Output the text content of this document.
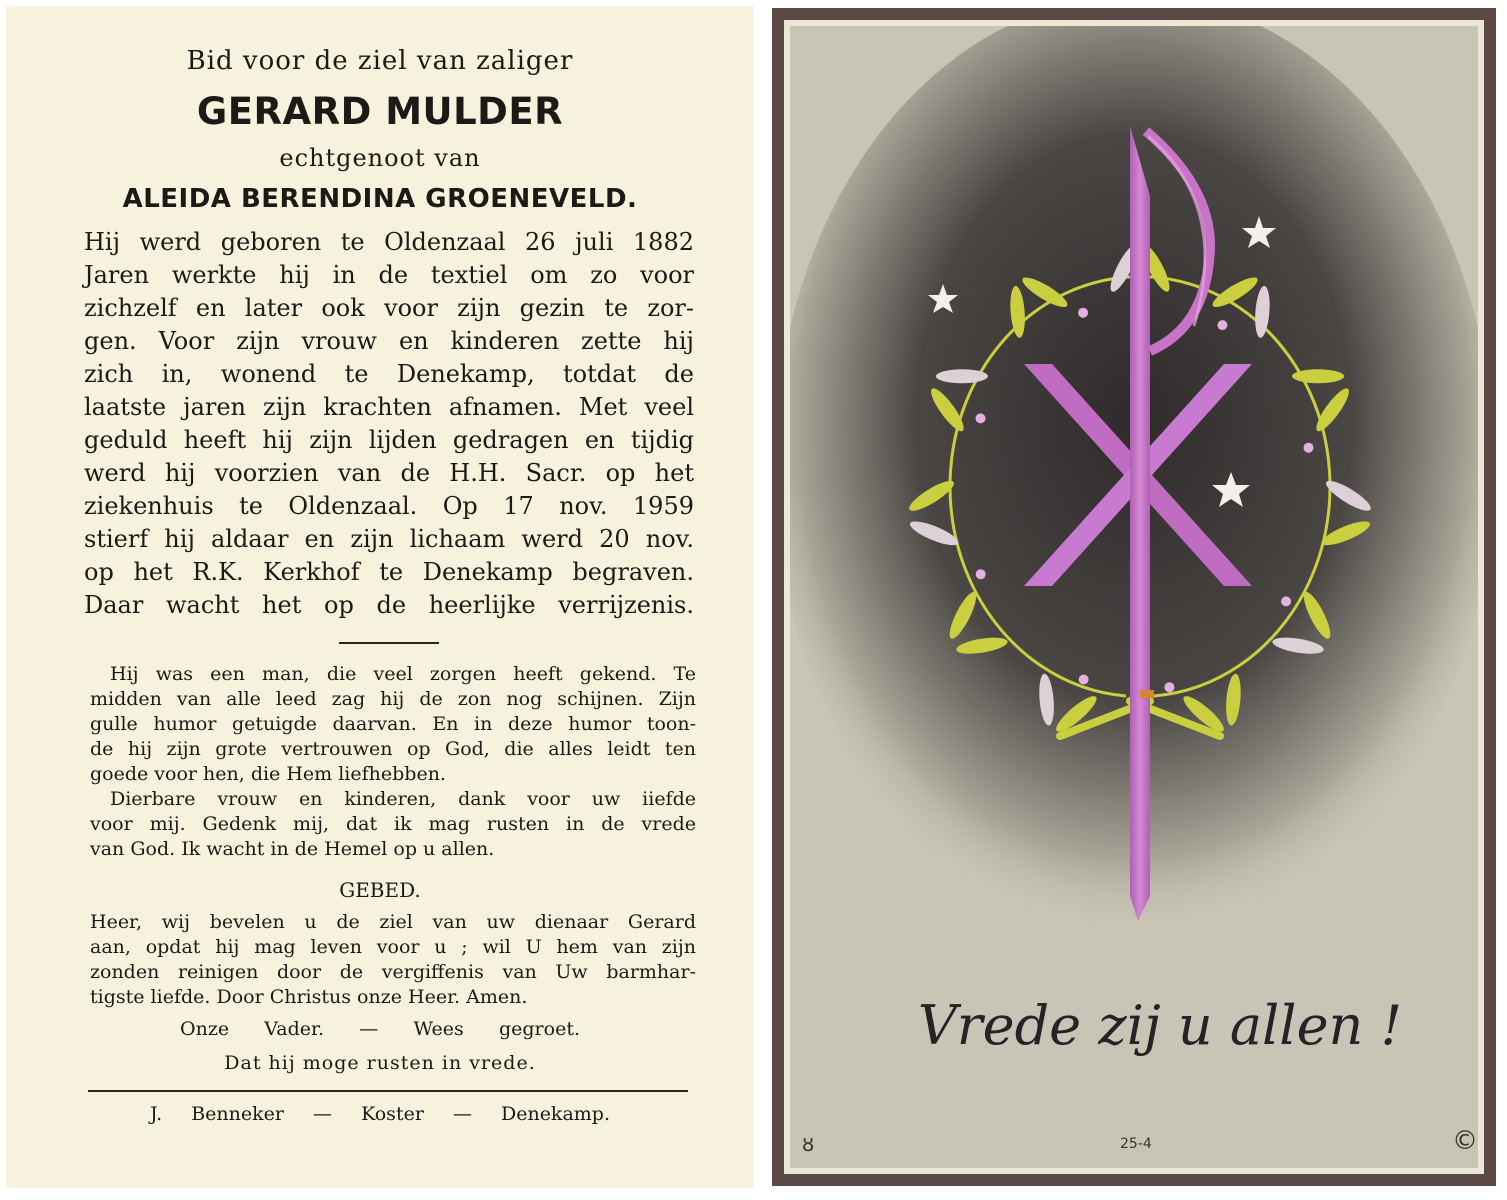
Bid voor de ziel van zaliger
GERARD MULDER
echtgenoot van
ALEIDA BERENDINA GROENEVELD.
Hij werd geboren te Oldenzaal 26 juli 1882
Jaren werkte hij in de textiel om zo voor
zichzelf en later ook voor zijn gezin te zor-
gen. Voor zijn vrouw en kinderen zette hij
zich in, wonend te Denekamp, totdat de
laatste jaren zijn krachten afnamen. Met veel
geduld heeft hij zijn lijden gedragen en tijdig
werd hij voorzien van de H.H. Sacr. op het
ziekenhuis te Oldenzaal. Op 17 nov. 1959
stierf hij aldaar en zijn lichaam werd 20 nov.
op het R.K. Kerkhof te Denekamp begraven.
Daar wacht het op de heerlijke verrijzenis.
Hij was een man, die veel zorgen heeft gekend. Te
midden van alle leed zag hij de zon nog schijnen. Zijn
gulle humor getuigde daarvan. En in deze humor toon-
de hij zijn grote vertrouwen op God, die alles leidt ten
goede voor hen, die Hem liefhebben.
Dierbare vrouw en kinderen, dank voor uw iiefde
voor mij. Gedenk mij, dat ik mag rusten in de vrede
van God. Ik wacht in de Hemel op u allen.
GEBED.
Heer, wij bevelen u de ziel van uw dienaar Gerard
aan, opdat hij mag leven voor u ; wil U hem van zijn
zonden reinigen door de vergiffenis van Uw barmhar-
tigste liefde. Door Christus onze Heer. Amen.
Onze Vader. — Wees gegroet.
Dat hij moge rusten in vrede.
J. Benneker — Koster — Denekamp.
Vrede zij u allen !
25-4
ȣ	©
